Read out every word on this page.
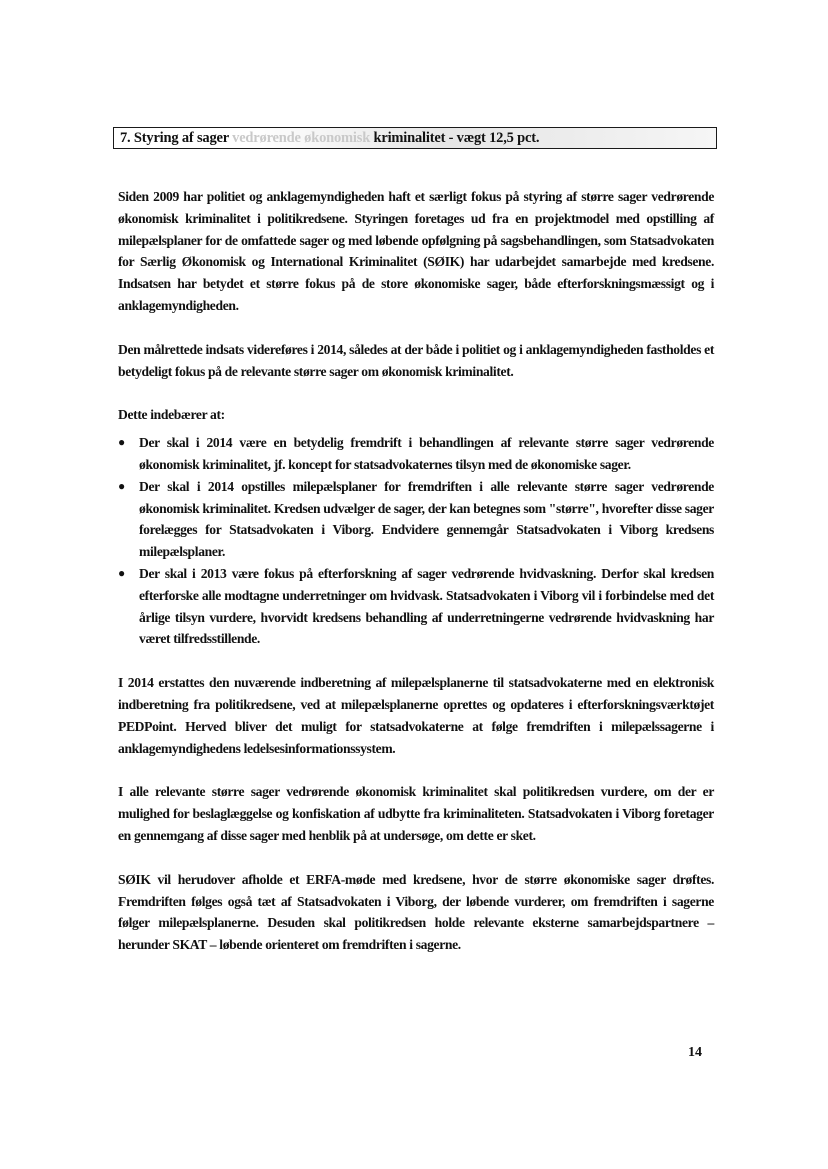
7. Styring af sager vedrørende økonomisk kriminalitet - vægt 12,5 pct.

Siden 2009 har politiet og anklagemyndigheden haft et særligt fokus på styring af større sager vedrørende økonomisk kriminalitet i politikredsene. Styringen foretages ud fra en projektmodel med opstilling af milepælsplaner for de omfattede sager og med løbende opfølgning på sagsbehandlingen, som Statsadvokaten for Særlig Økonomisk og International Kriminalitet (SØIK) har udarbejdet samarbejde med kredsene. Indsatsen har betydet et større fokus på de store økonomiske sager, både efterforskningsmæssigt og i anklagemyndigheden.

Den målrettede indsats videreføres i 2014, således at der både i politiet og i anklagemyndigheden fastholdes et betydeligt fokus på de relevante større sager om økonomisk kriminalitet.

Dette indebærer at:

● Der skal i 2014 være en betydelig fremdrift i behandlingen af relevante større sager vedrørende økonomisk kriminalitet, jf. koncept for statsadvokaternes tilsyn med de økonomiske sager.
● Der skal i 2014 opstilles milepælsplaner for fremdriften i alle relevante større sager vedrørende økonomisk kriminalitet. Kredsen udvælger de sager, der kan betegnes som "større", hvorefter disse sager forelægges for Statsadvokaten i Viborg. Endvidere gennemgår Statsadvokaten i Viborg kredsens milepælsplaner.
● Der skal i 2013 være fokus på efterforskning af sager vedrørende hvidvaskning. Derfor skal kredsen efterforske alle modtagne underretninger om hvidvask. Statsadvokaten i Viborg vil i forbindelse med det årlige tilsyn vurdere, hvorvidt kredsens behandling af underretningerne vedrørende hvidvaskning har været tilfredsstillende.

I 2014 erstattes den nuværende indberetning af milepælsplanerne til statsadvokaterne med en elektronisk indberetning fra politikredsene, ved at milepælsplanerne oprettes og opdateres i efterforskningsværktøjet PEDPoint. Herved bliver det muligt for statsadvokaterne at følge fremdriften i milepælssagerne i anklagemyndighedens ledelsesinformationssystem.

I alle relevante større sager vedrørende økonomisk kriminalitet skal politikredsen vurdere, om der er mulighed for beslaglæggelse og konfiskation af udbytte fra kriminaliteten. Statsadvokaten i Viborg foretager en gennemgang af disse sager med henblik på at undersøge, om dette er sket.

SØIK vil herudover afholde et ERFA-møde med kredsene, hvor de større økonomiske sager drøftes. Fremdriften følges også tæt af Statsadvokaten i Viborg, der løbende vurderer, om fremdriften i sagerne følger milepælsplanerne. Desuden skal politikredsen holde relevante eksterne samarbejdspartnere – herunder SKAT – løbende orienteret om fremdriften i sagerne.

14
